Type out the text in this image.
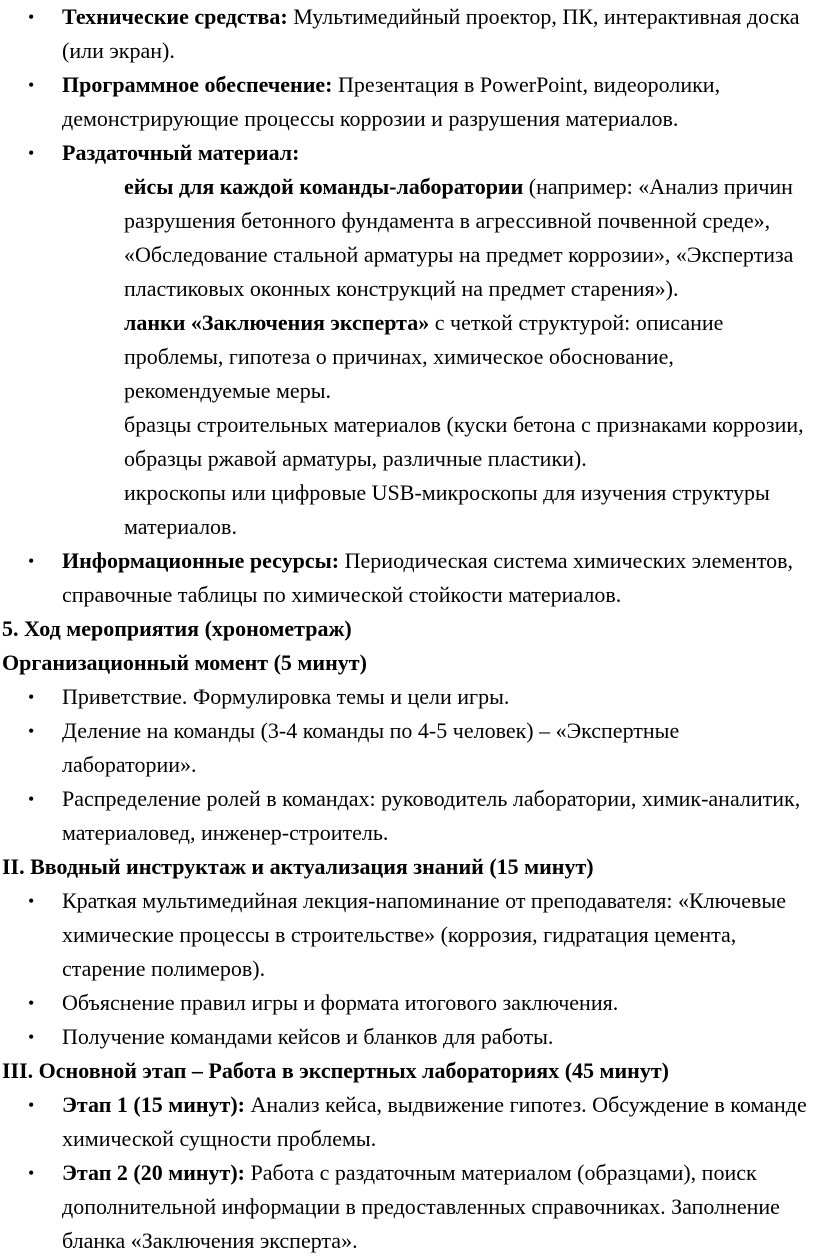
• Технические средства: Мультимедийный проектор, ПК, интерактивная доска (или экран).
• Программное обеспечение: Презентация в PowerPoint, видеоролики, демонстрирующие процессы коррозии и разрушения материалов.
• Раздаточный материал:
ейсы для каждой команды-лаборатории (например: «Анализ причин разрушения бетонного фундамента в агрессивной почвенной среде», «Обследование стальной арматуры на предмет коррозии», «Экспертиза пластиковых оконных конструкций на предмет старения»).
ланки «Заключения эксперта» с четкой структурой: описание проблемы, гипотеза о причинах, химическое обоснование, рекомендуемые меры.
бразцы строительных материалов (куски бетона с признаками коррозии, образцы ржавой арматуры, различные пластики).
икроскопы или цифровые USB-микроскопы для изучения структуры материалов.
• Информационные ресурсы: Периодическая система химических элементов, справочные таблицы по химической стойкости материалов.
5. Ход мероприятия (хронометраж)
Организационный момент (5 минут)
• Приветствие. Формулировка темы и цели игры.
• Деление на команды (3-4 команды по 4-5 человек) – «Экспертные лаборатории».
• Распределение ролей в командах: руководитель лаборатории, химик-аналитик, материаловед, инженер-строитель.
II. Вводный инструктаж и актуализация знаний (15 минут)
• Краткая мультимедийная лекция-напоминание от преподавателя: «Ключевые химические процессы в строительстве» (коррозия, гидратация цемента, старение полимеров).
• Объяснение правил игры и формата итогового заключения.
• Получение командами кейсов и бланков для работы.
III. Основной этап – Работа в экспертных лабораториях (45 минут)
• Этап 1 (15 минут): Анализ кейса, выдвижение гипотез. Обсуждение в команде химической сущности проблемы.
• Этап 2 (20 минут): Работа с раздаточным материалом (образцами), поиск дополнительной информации в предоставленных справочниках. Заполнение бланка «Заключения эксперта».
